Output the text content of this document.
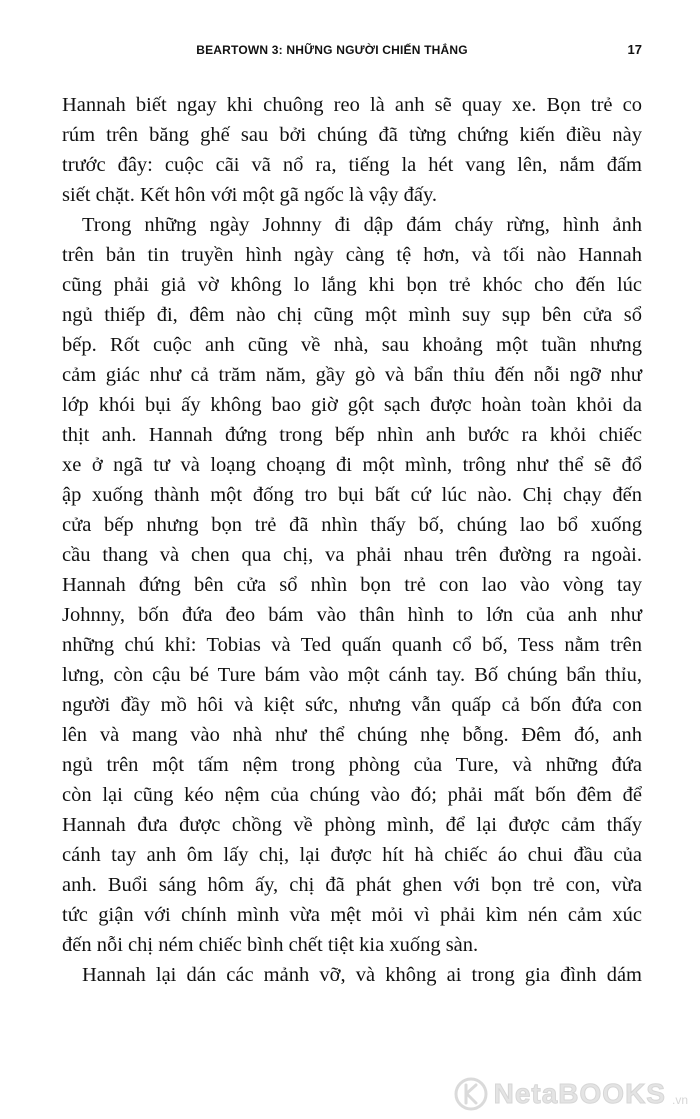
BEARTOWN 3: NHỮNG NGƯỜI CHIẾN THẮNG	17
Hannah biết ngay khi chuông reo là anh sẽ quay xe. Bọn trẻ co
rúm trên băng ghế sau bởi chúng đã từng chứng kiến điều này
trước đây: cuộc cãi vã nổ ra, tiếng la hét vang lên, nắm đấm
siết chặt. Kết hôn với một gã ngốc là vậy đấy.
Trong những ngày Johnny đi dập đám cháy rừng, hình ảnh
trên bản tin truyền hình ngày càng tệ hơn, và tối nào Hannah
cũng phải giả vờ không lo lắng khi bọn trẻ khóc cho đến lúc
ngủ thiếp đi, đêm nào chị cũng một mình suy sụp bên cửa sổ
bếp. Rốt cuộc anh cũng về nhà, sau khoảng một tuần nhưng
cảm giác như cả trăm năm, gầy gò và bẩn thỉu đến nỗi ngỡ như
lớp khói bụi ấy không bao giờ gột sạch được hoàn toàn khỏi da
thịt anh. Hannah đứng trong bếp nhìn anh bước ra khỏi chiếc
xe ở ngã tư và loạng choạng đi một mình, trông như thể sẽ đổ
ập xuống thành một đống tro bụi bất cứ lúc nào. Chị chạy đến
cửa bếp nhưng bọn trẻ đã nhìn thấy bố, chúng lao bổ xuống
cầu thang và chen qua chị, va phải nhau trên đường ra ngoài.
Hannah đứng bên cửa sổ nhìn bọn trẻ con lao vào vòng tay
Johnny, bốn đứa đeo bám vào thân hình to lớn của anh như
những chú khỉ: Tobias và Ted quấn quanh cổ bố, Tess nằm trên
lưng, còn cậu bé Ture bám vào một cánh tay. Bố chúng bẩn thỉu,
người đầy mồ hôi và kiệt sức, nhưng vẫn quấp cả bốn đứa con
lên và mang vào nhà như thể chúng nhẹ bỗng. Đêm đó, anh
ngủ trên một tấm nệm trong phòng của Ture, và những đứa
còn lại cũng kéo nệm của chúng vào đó; phải mất bốn đêm để
Hannah đưa được chồng về phòng mình, để lại được cảm thấy
cánh tay anh ôm lấy chị, lại được hít hà chiếc áo chui đầu của
anh. Buổi sáng hôm ấy, chị đã phát ghen với bọn trẻ con, vừa
tức giận với chính mình vừa mệt mỏi vì phải kìm nén cảm xúc
đến nỗi chị ném chiếc bình chết tiệt kia xuống sàn.
Hannah lại dán các mảnh vỡ, và không ai trong gia đình dám
NetaBOOKS .vn
